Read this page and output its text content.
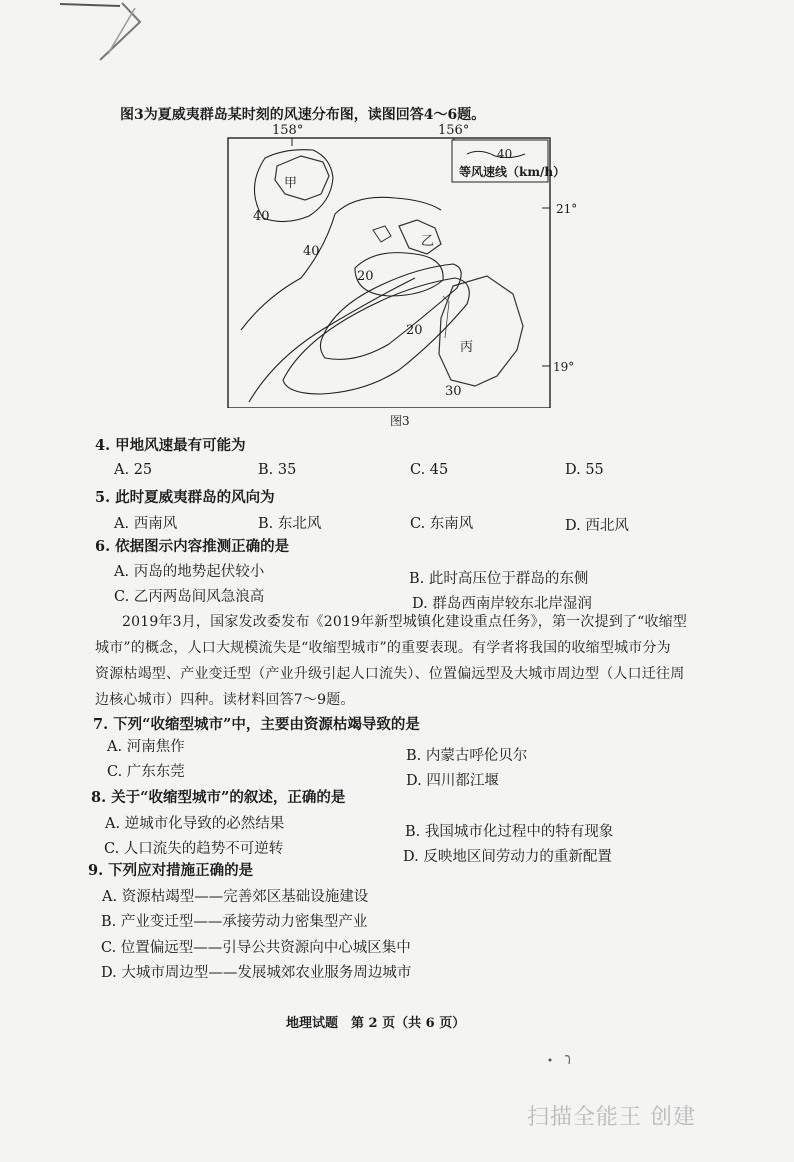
图3为夏威夷群岛某时刻的风速分布图，读图回答4～6题。
158°	156°
40
等风速线（km/h）
21°
19°
甲
乙
丙
40
40
20
20
30
图3
4. 甲地风速最有可能为
A. 25	B. 35	C. 45	D. 55
5. 此时夏威夷群岛的风向为
A. 西南风	B. 东北风	C. 东南风	D. 西北风
6. 依据图示内容推测正确的是
A. 丙岛的地势起伏较小	B. 此时高压位于群岛的东侧
C. 乙丙两岛间风急浪高	D. 群岛西南岸较东北岸湿润
2019年3月，国家发改委发布《2019年新型城镇化建设重点任务》，第一次提到了“收缩型
城市”的概念，人口大规模流失是“收缩型城市”的重要表现。有学者将我国的收缩型城市分为
资源枯竭型、产业变迁型（产业升级引起人口流失）、位置偏远型及大城市周边型（人口迁往周
边核心城市）四种。读材料回答7～9题。
7. 下列“收缩型城市”中，主要由资源枯竭导致的是
A. 河南焦作
B. 内蒙古呼伦贝尔
C. 广东东莞
D. 四川都江堰
8. 关于“收缩型城市”的叙述，正确的是
A. 逆城市化导致的必然结果	B. 我国城市化过程中的特有现象
C. 人口流失的趋势不可逆转	D. 反映地区间劳动力的重新配置
9. 下列应对措施正确的是
A. 资源枯竭型——完善郊区基础设施建设
B. 产业变迁型——承接劳动力密集型产业
C. 位置偏远型——引导公共资源向中心城区集中
D. 大城市周边型——发展城郊农业服务周边城市
地理试题　第 2 页（共 6 页）
扫描全能王 创建
